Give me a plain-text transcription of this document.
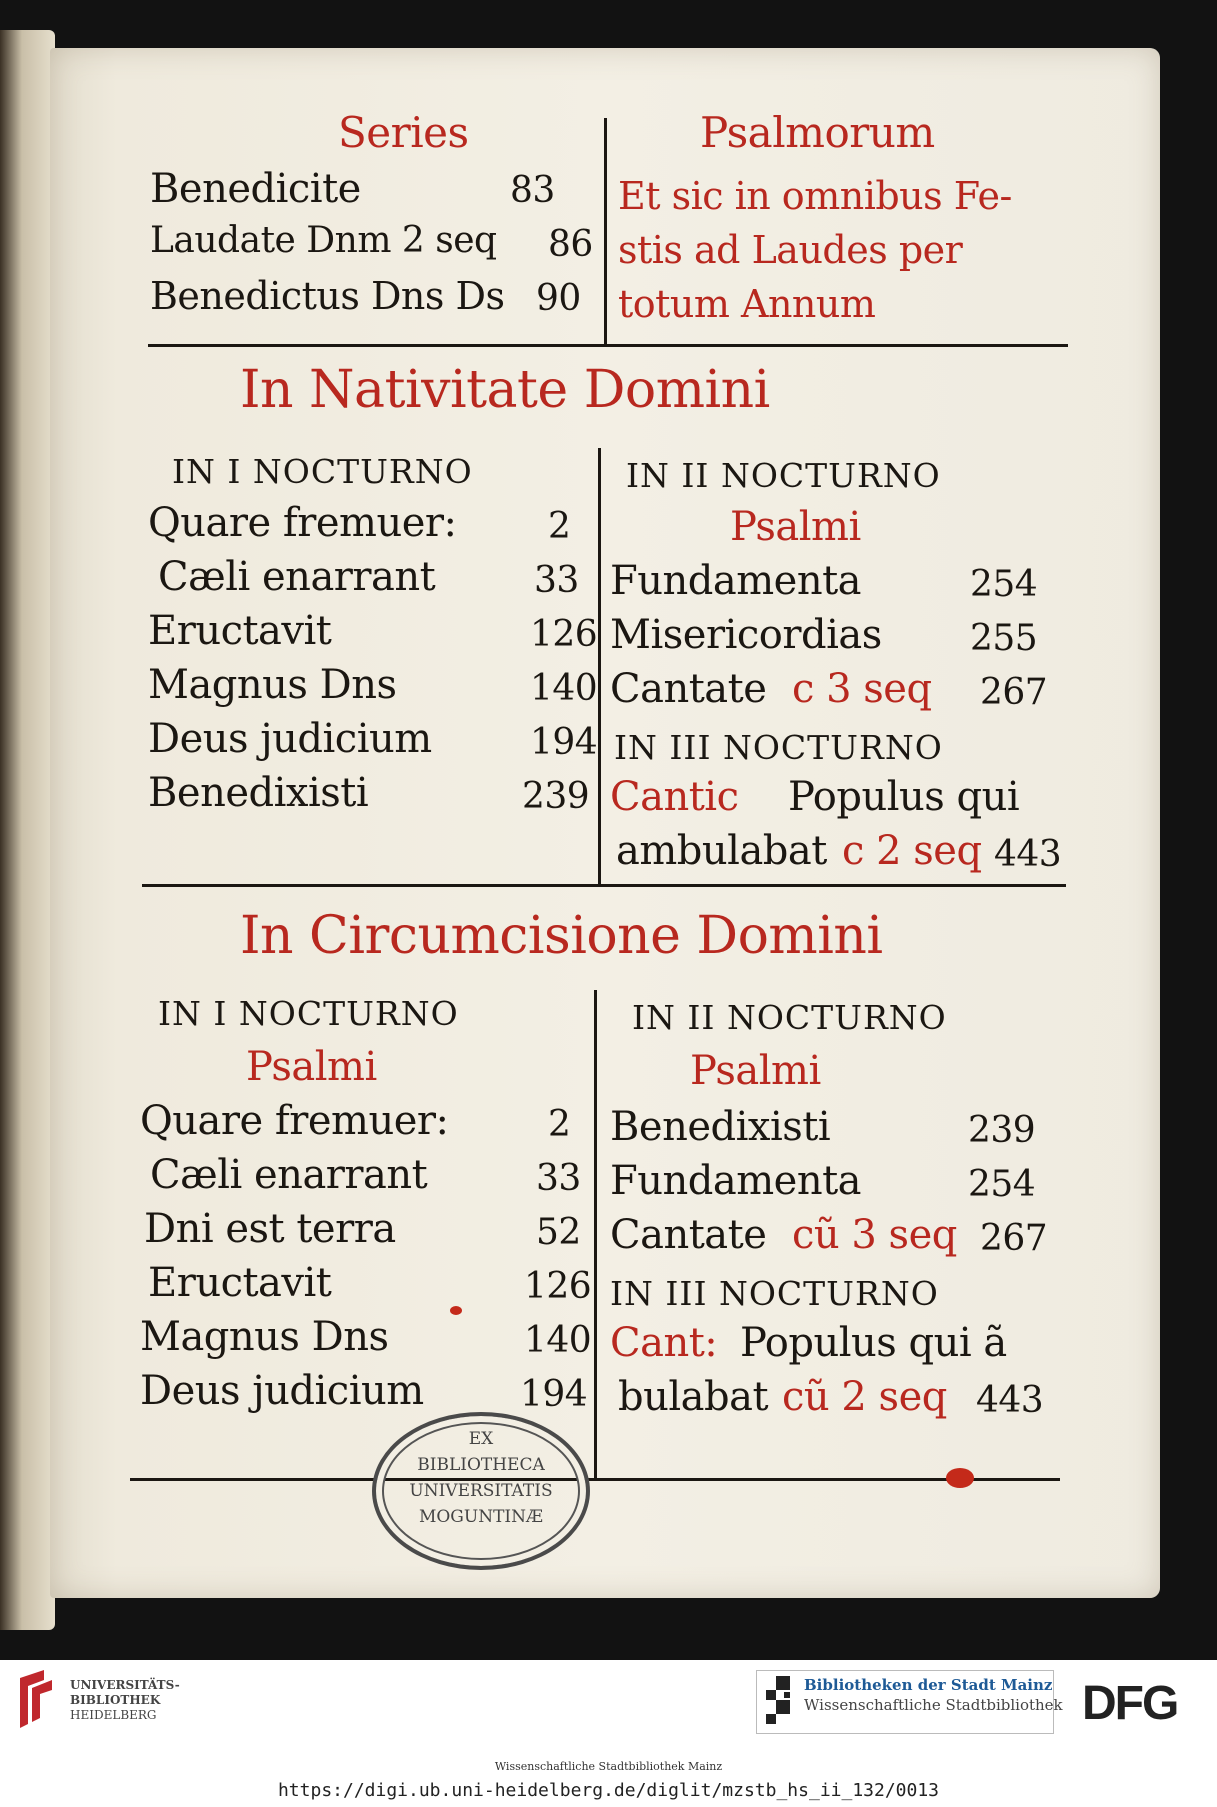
Series	Psalmorum
Benedicite	83
Laudate Dnm 2 seq 86
Benedictus Dns Ds 90
Et sic in omnibus Fe-
stis ad Laudes per
totum Annum
In Nativitate Domini
IN I NOCTURNO	IN II NOCTURNO
Psalmi
Quare fremuer:	2
Cæli enarrant	33
Eructavit	126
Magnus Dns	140
Deus judicium	194
Benedixisti	239
Fundamenta	254
Misericordias 255
Cantate c 3 seq 267
IN III NOCTURNO
Cantic Populus qui
ambulabat c 2 seq 443
In Circumcisione Domini
IN I NOCTURNO
Psalmi
IN II NOCTURNO
Psalmi
Quare fremuer:	2
Cæli enarrant	33
Dni est terra	52
Eructavit	126
Magnus Dns	140
Deus judicium	194
Benedixisti	239
Fundamenta	254
Cantate cũ 3 seq 267
IN III NOCTURNO
Cant: Populus qui ã
bulabat cũ 2 seq 443
EX
BIBLIOTHECA
UNIVERSITATIS
MOGUNTINÆ
UNIVERSITÄTS-
BIBLIOTHEK
HEIDELBERG
Bibliotheken der Stadt Mainz
Wissenschaftliche Stadtbibliothek DFG
Wissenschaftliche Stadtbibliothek Mainz
https://digi.ub.uni-heidelberg.de/diglit/mzstb_hs_ii_132/0013
